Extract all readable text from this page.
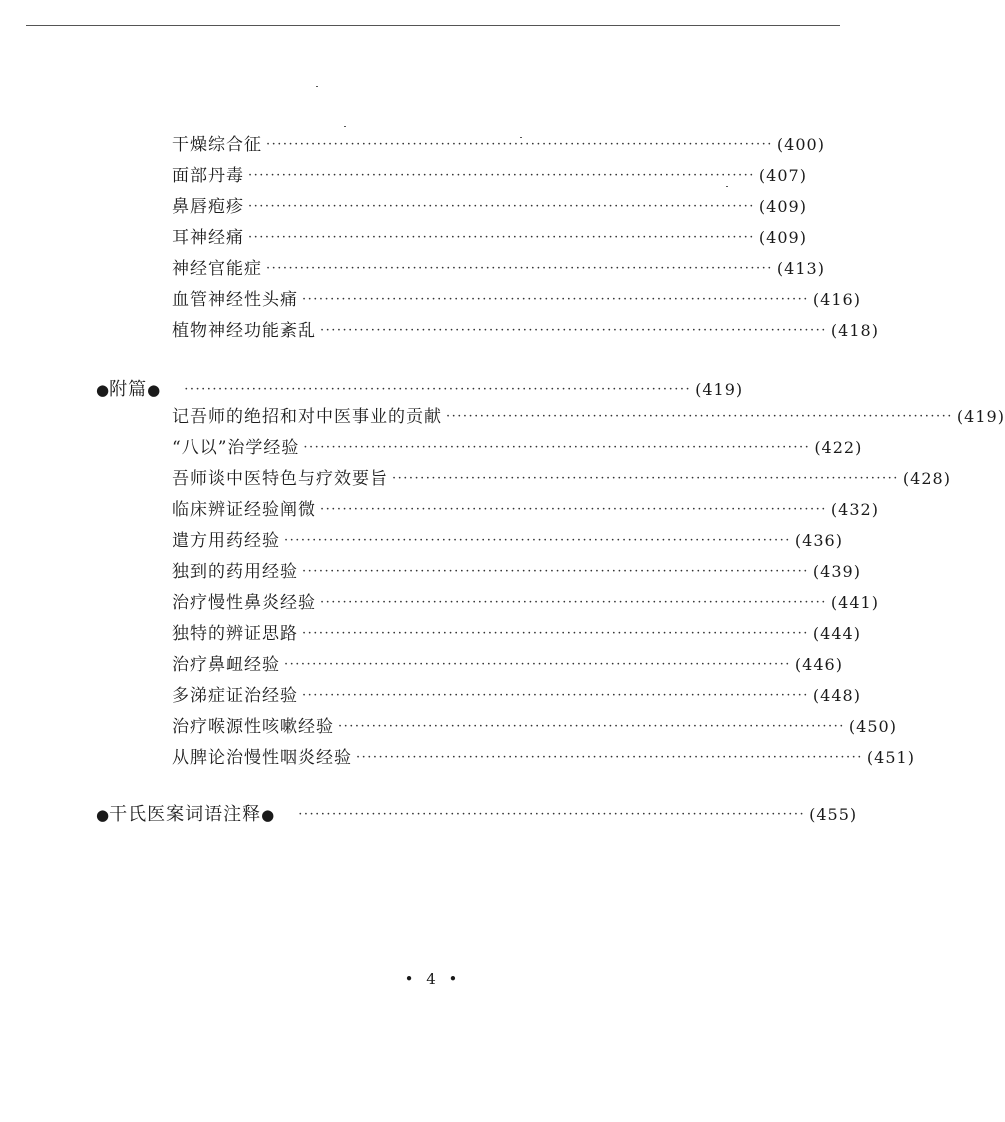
干燥综合征 ·························································································· (400)
面部丹毒 ·························································································· (407)
鼻唇疱疹 ·························································································· (409)
耳神经痛 ·························································································· (409)
神经官能症 ·························································································· (413)
血管神经性头痛 ·························································································· (416)
植物神经功能紊乱 ·························································································· (418)
●附篇● ·························································································· (419)
记吾师的绝招和对中医事业的贡献 ·························································································· (419)
“八以”治学经验 ·························································································· (422)
吾师谈中医特色与疗效要旨 ·························································································· (428)
临床辨证经验阐微 ·························································································· (432)
遣方用药经验 ·························································································· (436)
独到的药用经验 ·························································································· (439)
治疗慢性鼻炎经验 ·························································································· (441)
独特的辨证思路 ·························································································· (444)
治疗鼻衄经验 ·························································································· (446)
多涕症证治经验 ·························································································· (448)
治疗喉源性咳嗽经验 ·························································································· (450)
从脾论治慢性咽炎经验 ·························································································· (451)
●干氏医案词语注释● ·························································································· (455)
• 4 •
